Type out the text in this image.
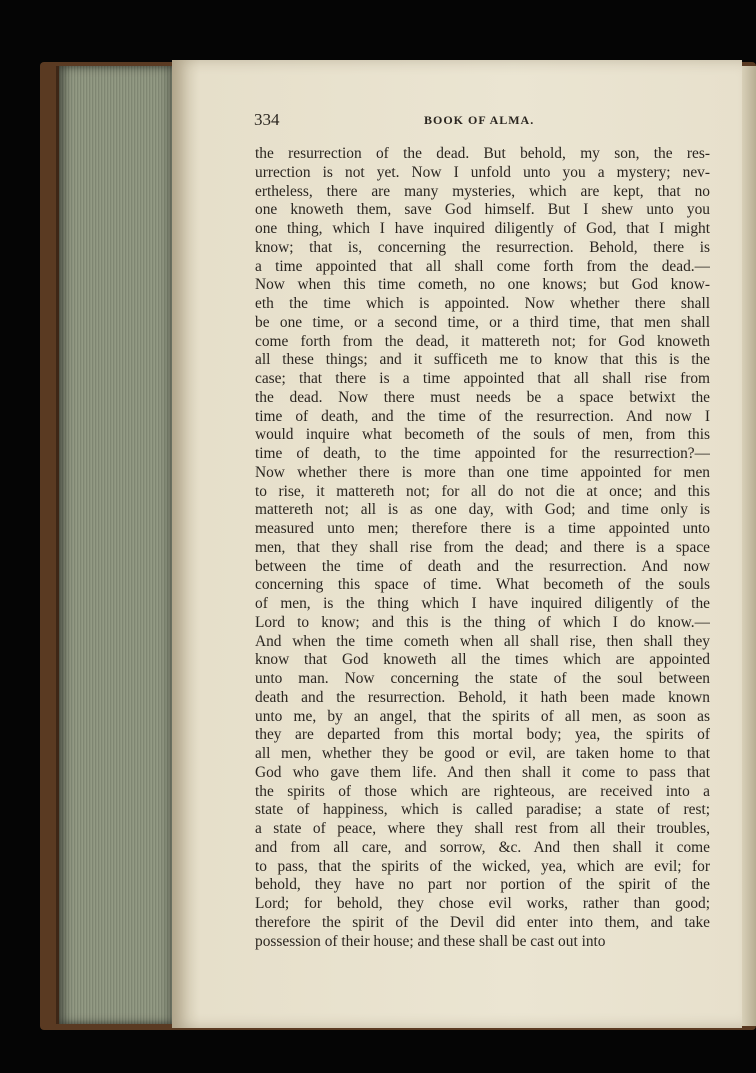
334	BOOK OF ALMA.
the resurrection of the dead. But behold, my son, the res-
urrection is not yet. Now I unfold unto you a mystery; nev-
ertheless, there are many mysteries, which are kept, that no
one knoweth them, save God himself. But I shew unto you
one thing, which I have inquired diligently of God, that I might
know; that is, concerning the resurrection. Behold, there is
a time appointed that all shall come forth from the dead.—
Now when this time cometh, no one knows; but God know-
eth the time which is appointed. Now whether there shall
be one time, or a second time, or a third time, that men shall
come forth from the dead, it mattereth not; for God knoweth
all these things; and it sufficeth me to know that this is the
case; that there is a time appointed that all shall rise from
the dead. Now there must needs be a space betwixt the
time of death, and the time of the resurrection. And now I
would inquire what becometh of the souls of men, from this
time of death, to the time appointed for the resurrection?—
Now whether there is more than one time appointed for men
to rise, it mattereth not; for all do not die at once; and this
mattereth not; all is as one day, with God; and time only is
measured unto men; therefore there is a time appointed unto
men, that they shall rise from the dead; and there is a space
between the time of death and the resurrection. And now
concerning this space of time. What becometh of the souls
of men, is the thing which I have inquired diligently of the
Lord to know; and this is the thing of which I do know.—
And when the time cometh when all shall rise, then shall they
know that God knoweth all the times which are appointed
unto man. Now concerning the state of the soul between
death and the resurrection. Behold, it hath been made known
unto me, by an angel, that the spirits of all men, as soon as
they are departed from this mortal body; yea, the spirits of
all men, whether they be good or evil, are taken home to that
God who gave them life. And then shall it come to pass that
the spirits of those which are righteous, are received into a
state of happiness, which is called paradise; a state of rest;
a state of peace, where they shall rest from all their troubles,
and from all care, and sorrow, &c. And then shall it come
to pass, that the spirits of the wicked, yea, which are evil; for
behold, they have no part nor portion of the spirit of the
Lord; for behold, they chose evil works, rather than good;
therefore the spirit of the Devil did enter into them, and take
possession of their house; and these shall be cast out into
